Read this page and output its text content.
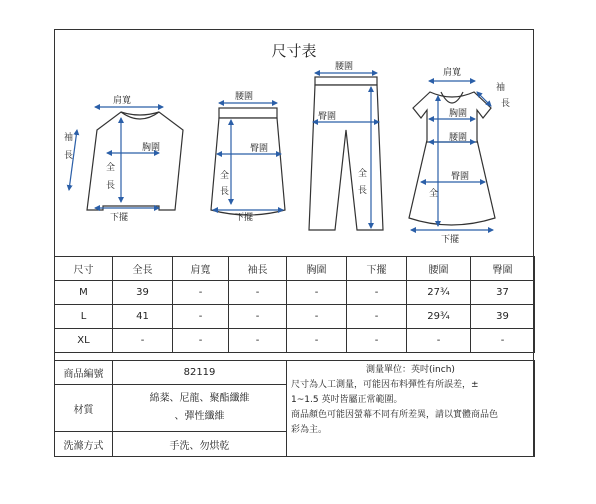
尺寸表
肩寬
袖
長
胸圍
全
長
下擺
腰圍
臀圍
全
長
下擺
腰圍
臀圍
全
長
肩寬
袖
長
胸圍
腰圍
臀圍
全
下擺
尺寸	全長	肩寬	袖長	胸圍	下擺	腰圍	臀圍
M	39	-	-	-	-	27¾	37
L	41	-	-	-	-	29¾	39
XL	-	-	-	-	-	-	-
商品編號	82119	測量單位：英吋(inch)
尺寸為人工測量，可能因布料彈性有所誤差，±
1~1.5 英吋皆屬正常範圍。
商品顏色可能因螢幕不同有所差異，請以實體商品色
彩為主。

材質	綿棻、尼龍、聚酯纖維
、彈性纖維	

洗滌方式	手洗、勿烘乾	
